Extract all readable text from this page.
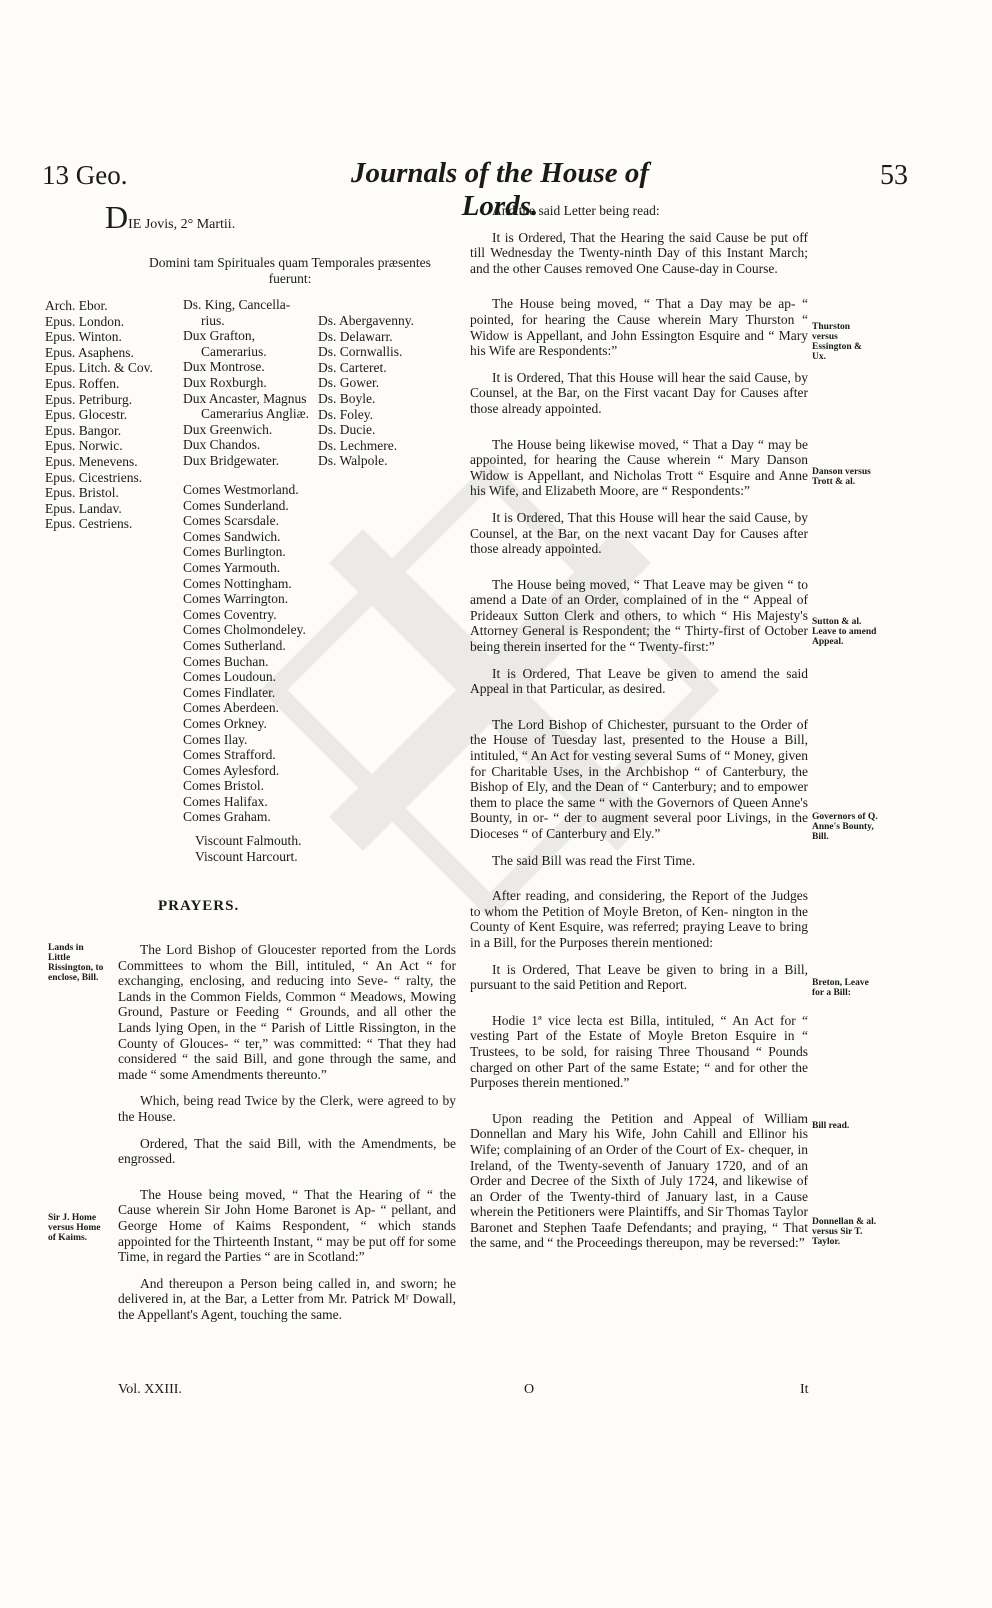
13 Geo.	Journals of the House of Lords.
53
DIE Jovis, 2° Martii.
Domini tam Spirituales quam Temporales præsentes
fuerunt:
Arch. Ebor.
Epus. London.
Epus. Winton.
Epus. Asaphens.
Epus. Litch. & Cov.
Epus. Roffen.
Epus. Petriburg.
Epus. Glocestr.
Epus. Bangor.
Epus. Norwic.
Epus. Menevens.
Epus. Cicestriens.
Epus. Bristol.
Epus. Landav.
Epus. Cestriens.
Ds. King, Cancella-
rius.
Dux Grafton,
Camerarius.
Dux Montrose.
Dux Roxburgh.
Dux Ancaster, Magnus
Camerarius Angliæ.
Dux Greenwich.
Dux Chandos.
Dux Bridgewater.
Comes Westmorland.
Comes Sunderland.
Comes Scarsdale.
Comes Sandwich.
Comes Burlington.
Comes Yarmouth.
Comes Nottingham.
Comes Warrington.
Comes Coventry.
Comes Cholmondeley.
Comes Sutherland.
Comes Buchan.
Comes Loudoun.
Comes Findlater.
Comes Aberdeen.
Comes Orkney.
Comes Ilay.
Comes Strafford.
Comes Aylesford.
Comes Bristol.
Comes Halifax.
Comes Graham.
Viscount Falmouth.
Viscount Harcourt.
Ds. Abergavenny.
Ds. Delawarr.
Ds. Cornwallis.
Ds. Carteret.
Ds. Gower.
Ds. Boyle.
Ds. Foley.
Ds. Ducie.
Ds. Lechmere.
Ds. Walpole.
PRAYERS.
Lands in Little Rissington, to enclose, Bill.

The Lord Bishop of Gloucester reported from the Lords Committees to whom the Bill, intituled, “ An Act “ for exchanging, enclosing, and reducing into Seve- “ ralty, the Lands in the Common Fields, Common “ Meadows, Mowing Ground, Pasture or Feeding “ Grounds, and all other the Lands lying Open, in the “ Parish of Little Rissington, in the County of Glouces- “ ter,” was committed: “ That they had considered “ the said Bill, and gone through the same, and made “ some Amendments thereunto.”

Which, being read Twice by the Clerk, were agreed to by the House.

Ordered, That the said Bill, with the Amendments, be engrossed.

The House being moved, “ That the Hearing of “ the Cause wherein Sir John Home Baronet is Ap- “ pellant, and George Home of Kaims Respondent, “ which stands appointed for the Thirteenth Instant, “ may be put off for some Time, in regard the Parties “ are in Scotland:”

And thereupon a Person being called in, and sworn; he delivered in, at the Bar, a Letter from Mr. Patrick Mʳ Dowall, the Appellant's Agent, touching the same.

Sir J. Home versus Home of Kaims.

And the said Letter being read:

It is Ordered, That the Hearing the said Cause be put off till Wednesday the Twenty-ninth Day of this Instant March; and the other Causes removed One Cause-day in Course.

The House being moved, “ That a Day may be ap- “ pointed, for hearing the Cause wherein Mary Thurston “ Widow is Appellant, and John Essington Esquire and “ Mary his Wife are Respondents:”

It is Ordered, That this House will hear the said Cause, by Counsel, at the Bar, on the First vacant Day for Causes after those already appointed.

The House being likewise moved, “ That a Day “ may be appointed, for hearing the Cause wherein “ Mary Danson Widow is Appellant, and Nicholas Trott “ Esquire and Anne his Wife, and Elizabeth Moore, are “ Respondents:”

It is Ordered, That this House will hear the said Cause, by Counsel, at the Bar, on the next vacant Day for Causes after those already appointed.

The House being moved, “ That Leave may be given “ to amend a Date of an Order, complained of in the “ Appeal of Prideaux Sutton Clerk and others, to which “ His Majesty's Attorney General is Respondent; the “ Thirty-first of October being therein inserted for the “ Twenty-first:”

It is Ordered, That Leave be given to amend the said Appeal in that Particular, as desired.

The Lord Bishop of Chichester, pursuant to the Order of the House of Tuesday last, presented to the House a Bill, intituled, “ An Act for vesting several Sums of “ Money, given for Charitable Uses, in the Archbishop “ of Canterbury, the Bishop of Ely, and the Dean of “ Canterbury; and to empower them to place the same “ with the Governors of Queen Anne's Bounty, in or- “ der to augment several poor Livings, in the Dioceses “ of Canterbury and Ely.”

The said Bill was read the First Time.

After reading, and considering, the Report of the Judges to whom the Petition of Moyle Breton, of Ken- nington in the County of Kent Esquire, was referred; praying Leave to bring in a Bill, for the Purposes therein mentioned:

It is Ordered, That Leave be given to bring in a Bill, pursuant to the said Petition and Report.

Hodie 1ª vice lecta est Billa, intituled, “ An Act for “ vesting Part of the Estate of Moyle Breton Esquire in “ Trustees, to be sold, for raising Three Thousand “ Pounds charged on other Part of the same Estate; “ and for other the Purposes therein mentioned.”

Upon reading the Petition and Appeal of William Donnellan and Mary his Wife, John Cahill and Ellinor his Wife; complaining of an Order of the Court of Ex- chequer, in Ireland, of the Twenty-seventh of January 1720, and of an Order and Decree of the Sixth of July 1724, and likewise of an Order of the Twenty-third of January last, in a Cause wherein the Petitioners were Plaintiffs, and Sir Thomas Taylor Baronet and Stephen Taafe Defendants; and praying, “ That the same, and “ the Proceedings thereupon, may be reversed:”

Thurston versus Essington & Ux.
Danson versus Trott & al.
Sutton & al. Leave to amend Appeal.
Governors of Q. Anne's Bounty, Bill.
Breton, Leave for a Bill:
Bill read.
Donnellan & al. versus Sir T. Taylor.
Vol. XXIII.	O	It
